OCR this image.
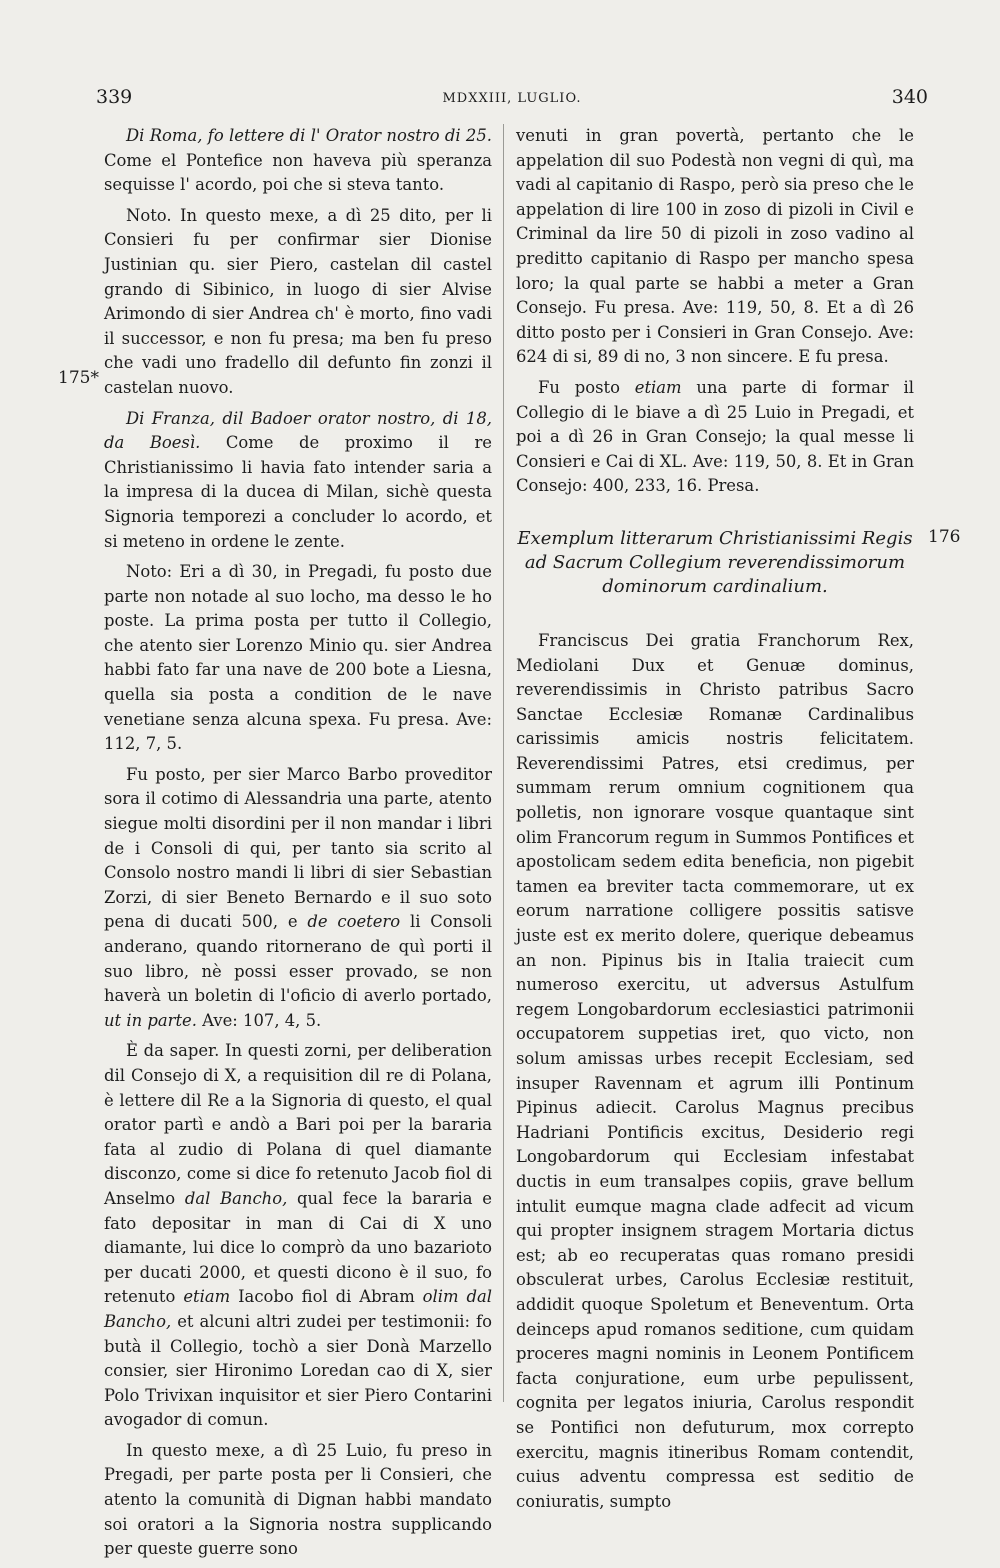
339	MDXXIII, LUGLIO.	340
175*
176

Di Roma, fo lettere di l' Orator nostro di 25. Come el Pontefice non haveva più speranza sequisse l' acordo, poi che si steva tanto.

Noto. In questo mexe, a dì 25 dito, per li Consieri fu per confirmar sier Dionise Justinian qu. sier Piero, castelan dil castel grando di Sibinico, in luogo di sier Alvise Arimondo di sier Andrea ch' è morto, fino vadi il successor, e non fu presa; ma ben fu preso che vadi uno fradello dil defunto fin zonzi il castelan nuovo.

Di Franza, dil Badoer orator nostro, di 18, da Boesì. Come de proximo il re Christianissimo li havia fato intender saria a la impresa di la ducea di Milan, sichè questa Signoria temporezi a concluder lo acordo, et si meteno in ordene le zente.

Noto: Eri a dì 30, in Pregadi, fu posto due parte non notade al suo locho, ma desso le ho poste. La prima posta per tutto il Collegio, che atento sier Lorenzo Minio qu. sier Andrea habbi fato far una nave de 200 bote a Liesna, quella sia posta a condition de le nave venetiane senza alcuna spexa. Fu presa. Ave: 112, 7, 5.

Fu posto, per sier Marco Barbo proveditor sora il cotimo di Alessandria una parte, atento siegue molti disordini per il non mandar i libri de i Consoli di qui, per tanto sia scrito al Consolo nostro mandi li libri di sier Sebastian Zorzi, di sier Beneto Bernardo e il suo soto pena di ducati 500, e de coetero li Consoli anderano, quando ritornerano de quì porti il suo libro, nè possi esser provado, se non haverà un boletin di l'oficio di averlo portado, ut in parte. Ave: 107, 4, 5.

È da saper. In questi zorni, per deliberation dil Consejo di X, a requisition dil re di Polana, è lettere dil Re a la Signoria di questo, el qual orator partì e andò a Bari poi per la bararia fata al zudio di Polana di quel diamante disconzo, come si dice fo retenuto Jacob fiol di Anselmo dal Bancho, qual fece la bararia e fato depositar in man di Cai di X uno diamante, lui dice lo comprò da uno bazarioto per ducati 2000, et questi dicono è il suo, fo retenuto etiam Iacobo fiol di Abram olim dal Bancho, et alcuni altri zudei per testimonii: fo butà il Collegio, tochò a sier Donà Marzello consier, sier Hironimo Loredan cao di X, sier Polo Trivixan inquisitor et sier Piero Contarini avogador di comun.

In questo mexe, a dì 25 Luio, fu preso in Pregadi, per parte posta per li Consieri, che atento la comunità di Dignan habbi mandato soi oratori a la Signoria nostra supplicando per queste guerre sono

venuti in gran povertà, pertanto che le appelation dil suo Podestà non vegni di quì, ma vadi al capitanio di Raspo, però sia preso che le appelation di lire 100 in zoso di pizoli in Civil e Criminal da lire 50 di pizoli in zoso vadino al preditto capitanio di Raspo per mancho spesa loro; la qual parte se habbi a meter a Gran Consejo. Fu presa. Ave: 119, 50, 8. Et a dì 26 ditto posto per i Consieri in Gran Consejo. Ave: 624 di si, 89 di no, 3 non sincere. E fu presa.

Fu posto etiam una parte di formar il Collegio di le biave a dì 25 Luio in Pregadi, et poi a dì 26 in Gran Consejo; la qual messe li Consieri e Cai di XL. Ave: 119, 50, 8. Et in Gran Consejo: 400, 233, 16. Presa.

Exemplum litterarum Christianissimi Regis ad Sacrum Collegium reverendissimorum dominorum cardinalium.

Franciscus Dei gratia Franchorum Rex, Mediolani Dux et Genuæ dominus, reverendissimis in Christo patribus Sacro Sanctae Ecclesiæ Romanæ Cardinalibus carissimis amicis nostris felicitatem. Reverendissimi Patres, etsi credimus, per summam rerum omnium cognitionem qua polletis, non ignorare vosque quantaque sint olim Francorum regum in Summos Pontifices et apostolicam sedem edita beneficia, non pigebit tamen ea breviter tacta commemorare, ut ex eorum narratione colligere possitis satisve juste est ex merito dolere, querique debeamus an non. Pipinus bis in Italia traiecit cum numeroso exercitu, ut adversus Astulfum regem Longobardorum ecclesiastici patrimonii occupatorem suppetias iret, quo victo, non solum amissas urbes recepit Ecclesiam, sed insuper Ravennam et agrum illi Pontinum Pipinus adiecit. Carolus Magnus precibus Hadriani Pontificis excitus, Desiderio regi Longobardorum qui Ecclesiam infestabat ductis in eum transalpes copiis, grave bellum intulit eumque magna clade adfecit ad vicum qui propter insignem stragem Mortaria dictus est; ab eo recuperatas quas romano presidi obsculerat urbes, Carolus Ecclesiæ restituit, addidit quoque Spoletum et Beneventum. Orta deinceps apud romanos seditione, cum quidam proceres magni nominis in Leonem Pontificem facta conjuratione, eum urbe pepulissent, cognita per legatos iniuria, Carolus respondit se Pontifici non defuturum, mox correpto exercitu, magnis itineribus Romam contendit, cuius adventu compressa est seditio de coniuratis, sumpto
